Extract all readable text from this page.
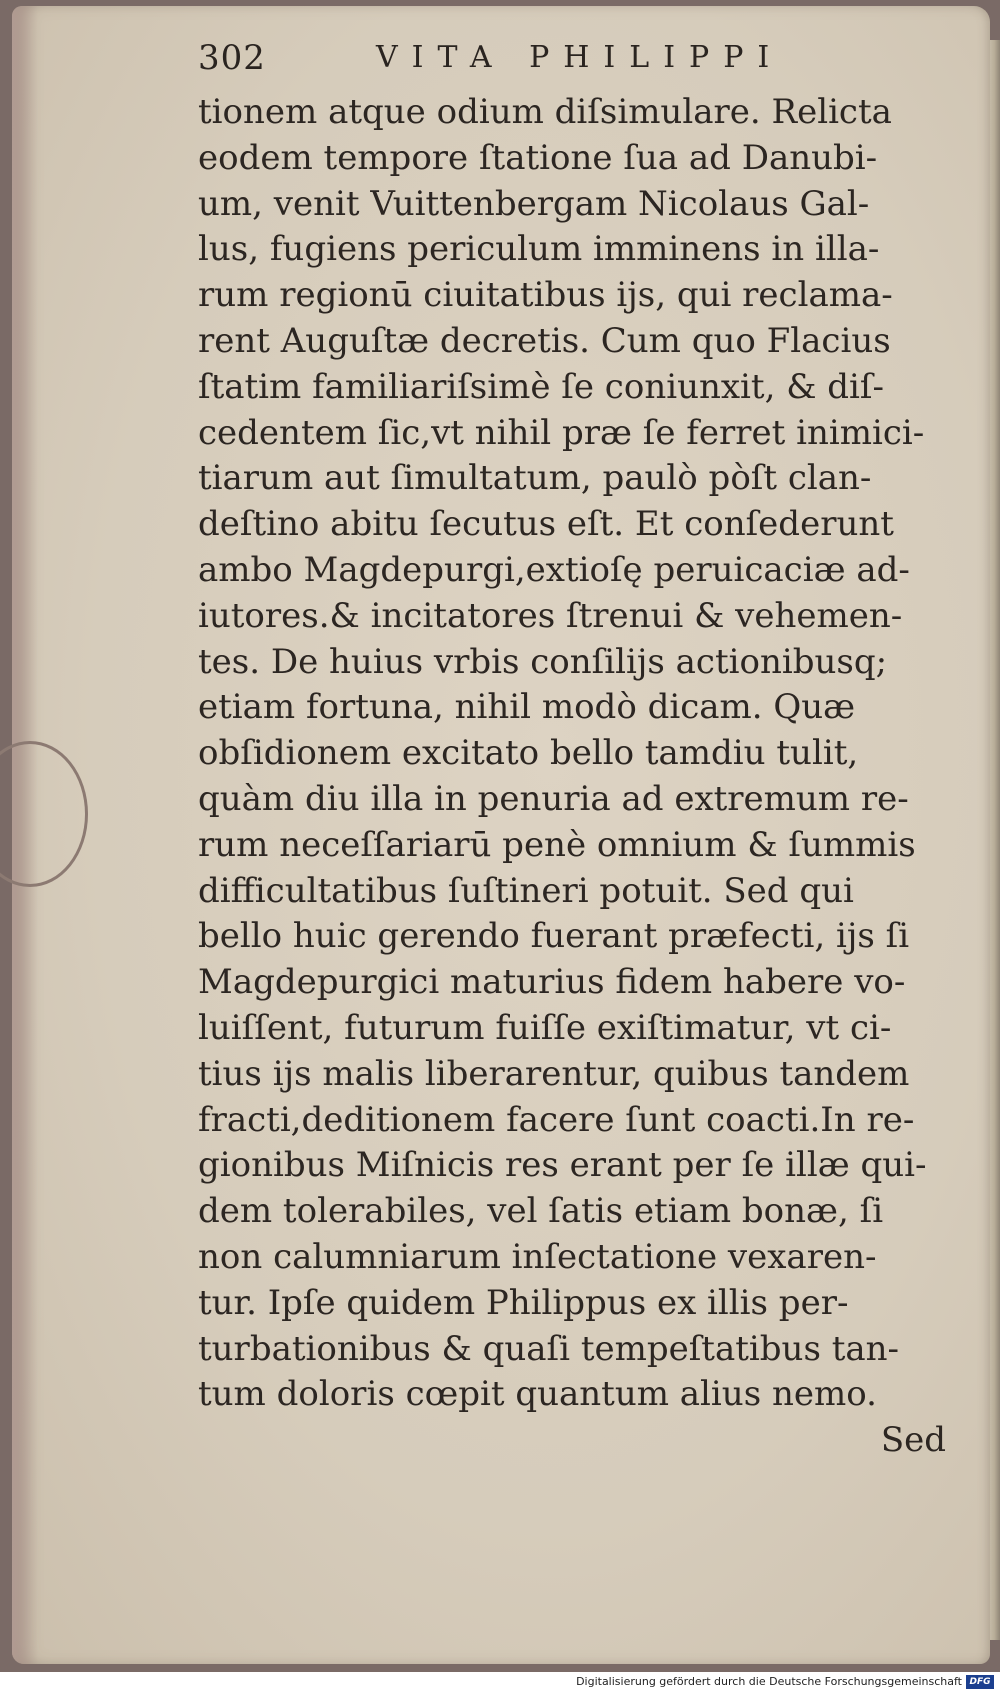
302	VITA PHILIPPI
tionem atque odium diſsimulare. Relicta
eodem tempore ſtatione ſua ad Danubi-
um, venit Vuittenbergam Nicolaus Gal-
lus, fugiens periculum imminens in illa-
rum regionū ciuitatibus ijs, qui reclama-
rent Auguſtæ decretis. Cum quo Flacius
ſtatim familiariſsimè ſe coniunxit, & diſ-
cedentem ſic,vt nihil præ ſe ferret inimici-
tiarum aut ſimultatum, paulò pòſt clan-
deſtino abitu ſecutus eſt. Et conſederunt
ambo Magdepurgi,extioſę peruicaciæ ad-
iutores.& incitatores ſtrenui & vehemen-
tes. De huius vrbis conſilijs actionibusq;
etiam fortuna, nihil modò dicam. Quæ
obſidionem excitato bello tamdiu tulit,
quàm diu illa in penuria ad extremum re-
rum neceſſariarū penè omnium & ſummis
difficultatibus ſuſtineri potuit. Sed qui
bello huic gerendo fuerant præfecti, ijs ſi
Magdepurgici maturius fidem habere vo-
luiſſent, futurum fuiſſe exiſtimatur, vt ci-
tius ijs malis liberarentur, quibus tandem
fracti,deditionem facere ſunt coacti.In re-
gionibus Miſnicis res erant per ſe illæ qui-
dem tolerabiles, vel ſatis etiam bonæ, ſi
non calumniarum inſectatione vexaren-
tur. Ipſe quidem Philippus ex illis per-
turbationibus & quaſi tempeſtatibus tan-
tum doloris cœpit quantum alius nemo.
Sed
Digitalisierung gefördert durch die Deutsche Forschungsgemeinschaft DFG
